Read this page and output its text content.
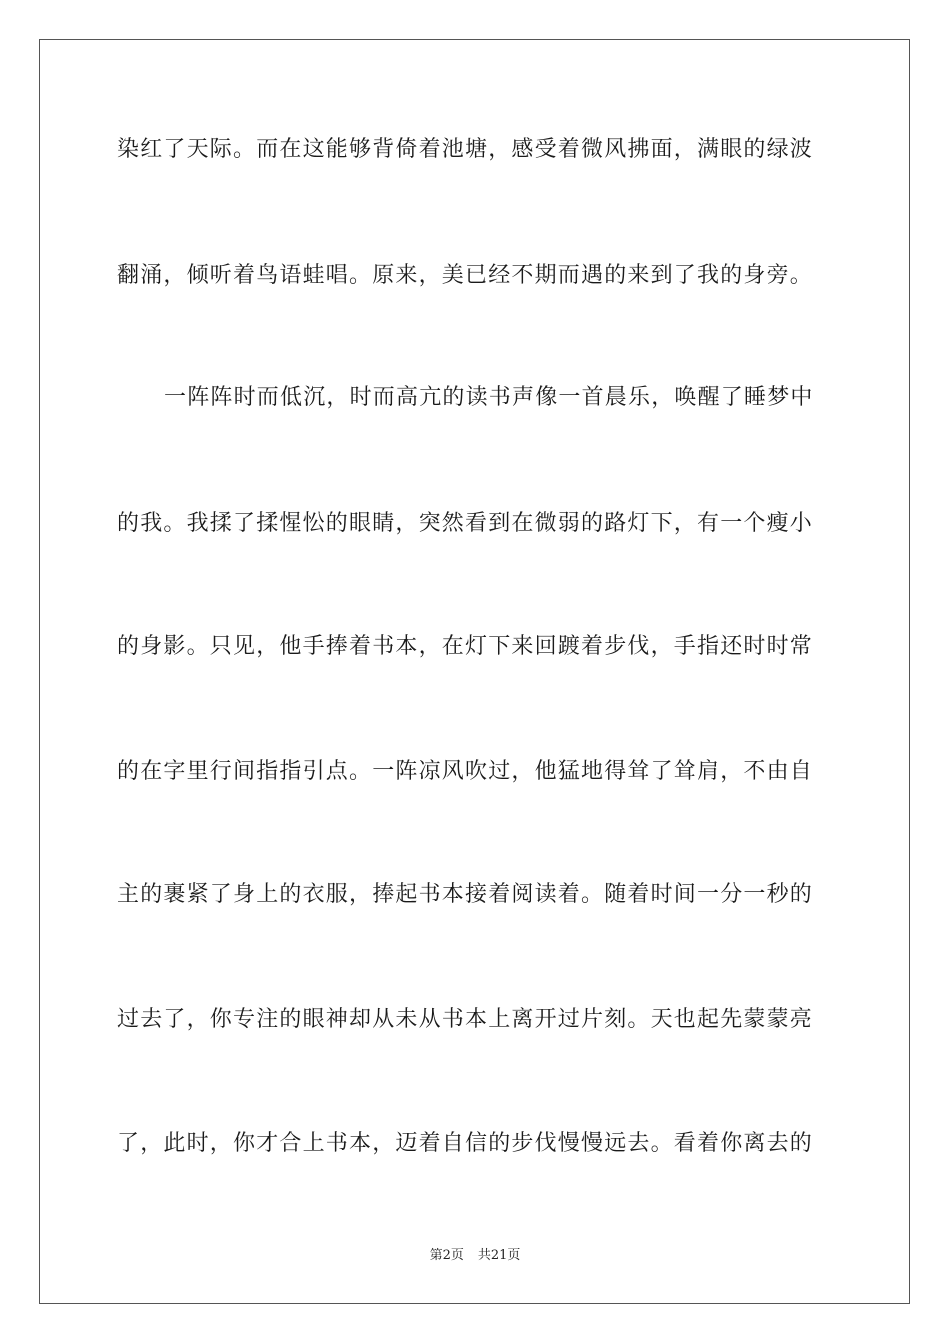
染红了天际。而在这能够背倚着池塘，感受着微风拂面，满眼的绿波

翻涌，倾听着鸟语蛙唱。原来，美已经不期而遇的来到了我的身旁。

一阵阵时而低沉，时而高亢的读书声像一首晨乐，唤醒了睡梦中

的我。我揉了揉惺忪的眼睛，突然看到在微弱的路灯下，有一个瘦小

的身影。只见，他手捧着书本，在灯下来回踱着步伐，手指还时时常

的在字里行间指指引点。一阵凉风吹过，他猛地得耸了耸肩，不由自

主的裹紧了身上的衣服，捧起书本接着阅读着。随着时间一分一秒的

过去了，你专注的眼神却从未从书本上离开过片刻。天也起先蒙蒙亮

了，此时，你才合上书本，迈着自信的步伐慢慢远去。看着你离去的

第2页 共21页
